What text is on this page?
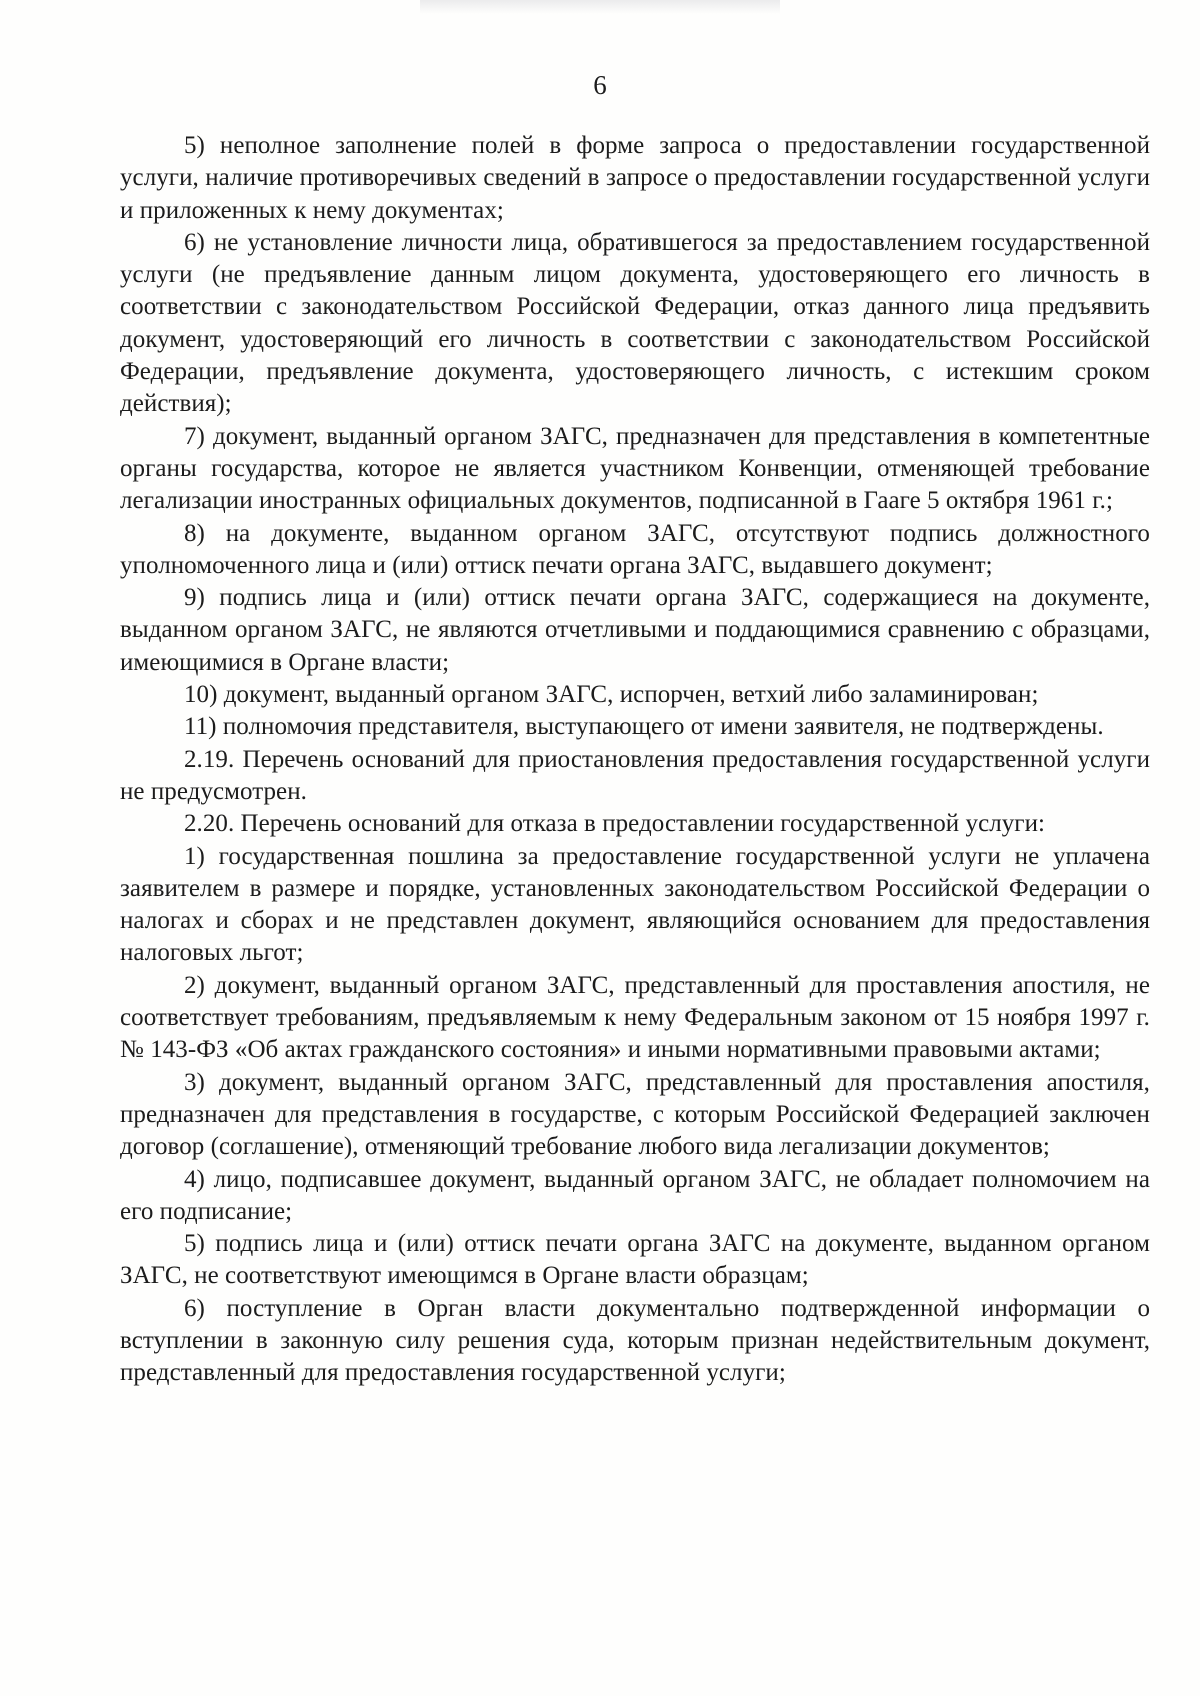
6

5) неполное заполнение полей в форме запроса о предоставлении государственной услуги, наличие противоречивых сведений в запросе о предоставлении государственной услуги и приложенных к нему документах;

6) не установление личности лица, обратившегося за предоставлением государственной услуги (не предъявление данным лицом документа, удостоверяющего его личность в соответствии с законодательством Российской Федерации, отказ данного лица предъявить документ, удостоверяющий его личность в соответствии с законодательством Российской Федерации, предъявление документа, удостоверяющего личность, с истекшим сроком действия);

7) документ, выданный органом ЗАГС, предназначен для представления в компетентные органы государства, которое не является участником Конвенции, отменяющей требование легализации иностранных официальных документов, подписанной в Гааге 5 октября 1961 г.;

8) на документе, выданном органом ЗАГС, отсутствуют подпись должностного уполномоченного лица и (или) оттиск печати органа ЗАГС, выдавшего документ;

9) подпись лица и (или) оттиск печати органа ЗАГС, содержащиеся на документе, выданном органом ЗАГС, не являются отчетливыми и поддающимися сравнению с образцами, имеющимися в Органе власти;

10) документ, выданный органом ЗАГС, испорчен, ветхий либо заламинирован;

11) полномочия представителя, выступающего от имени заявителя, не подтверждены.

2.19. Перечень оснований для приостановления предоставления государственной услуги не предусмотрен.

2.20. Перечень оснований для отказа в предоставлении государственной услуги:

1) государственная пошлина за предоставление государственной услуги не уплачена заявителем в размере и порядке, установленных законодательством Российской Федерации о налогах и сборах и не представлен документ, являющийся основанием для предоставления налоговых льгот;

2) документ, выданный органом ЗАГС, представленный для проставления апостиля, не соответствует требованиям, предъявляемым к нему Федеральным законом от 15 ноября 1997 г. № 143-ФЗ «Об актах гражданского состояния» и иными нормативными правовыми актами;

3) документ, выданный органом ЗАГС, представленный для проставления апостиля, предназначен для представления в государстве, с которым Российской Федерацией заключен договор (соглашение), отменяющий требование любого вида легализации документов;

4) лицо, подписавшее документ, выданный органом ЗАГС, не обладает полномочием на его подписание;

5) подпись лица и (или) оттиск печати органа ЗАГС на документе, выданном органом ЗАГС, не соответствуют имеющимся в Органе власти образцам;

6) поступление в Орган власти документально подтвержденной информации о вступлении в законную силу решения суда, которым признан недействительным документ, представленный для предоставления государственной услуги;
